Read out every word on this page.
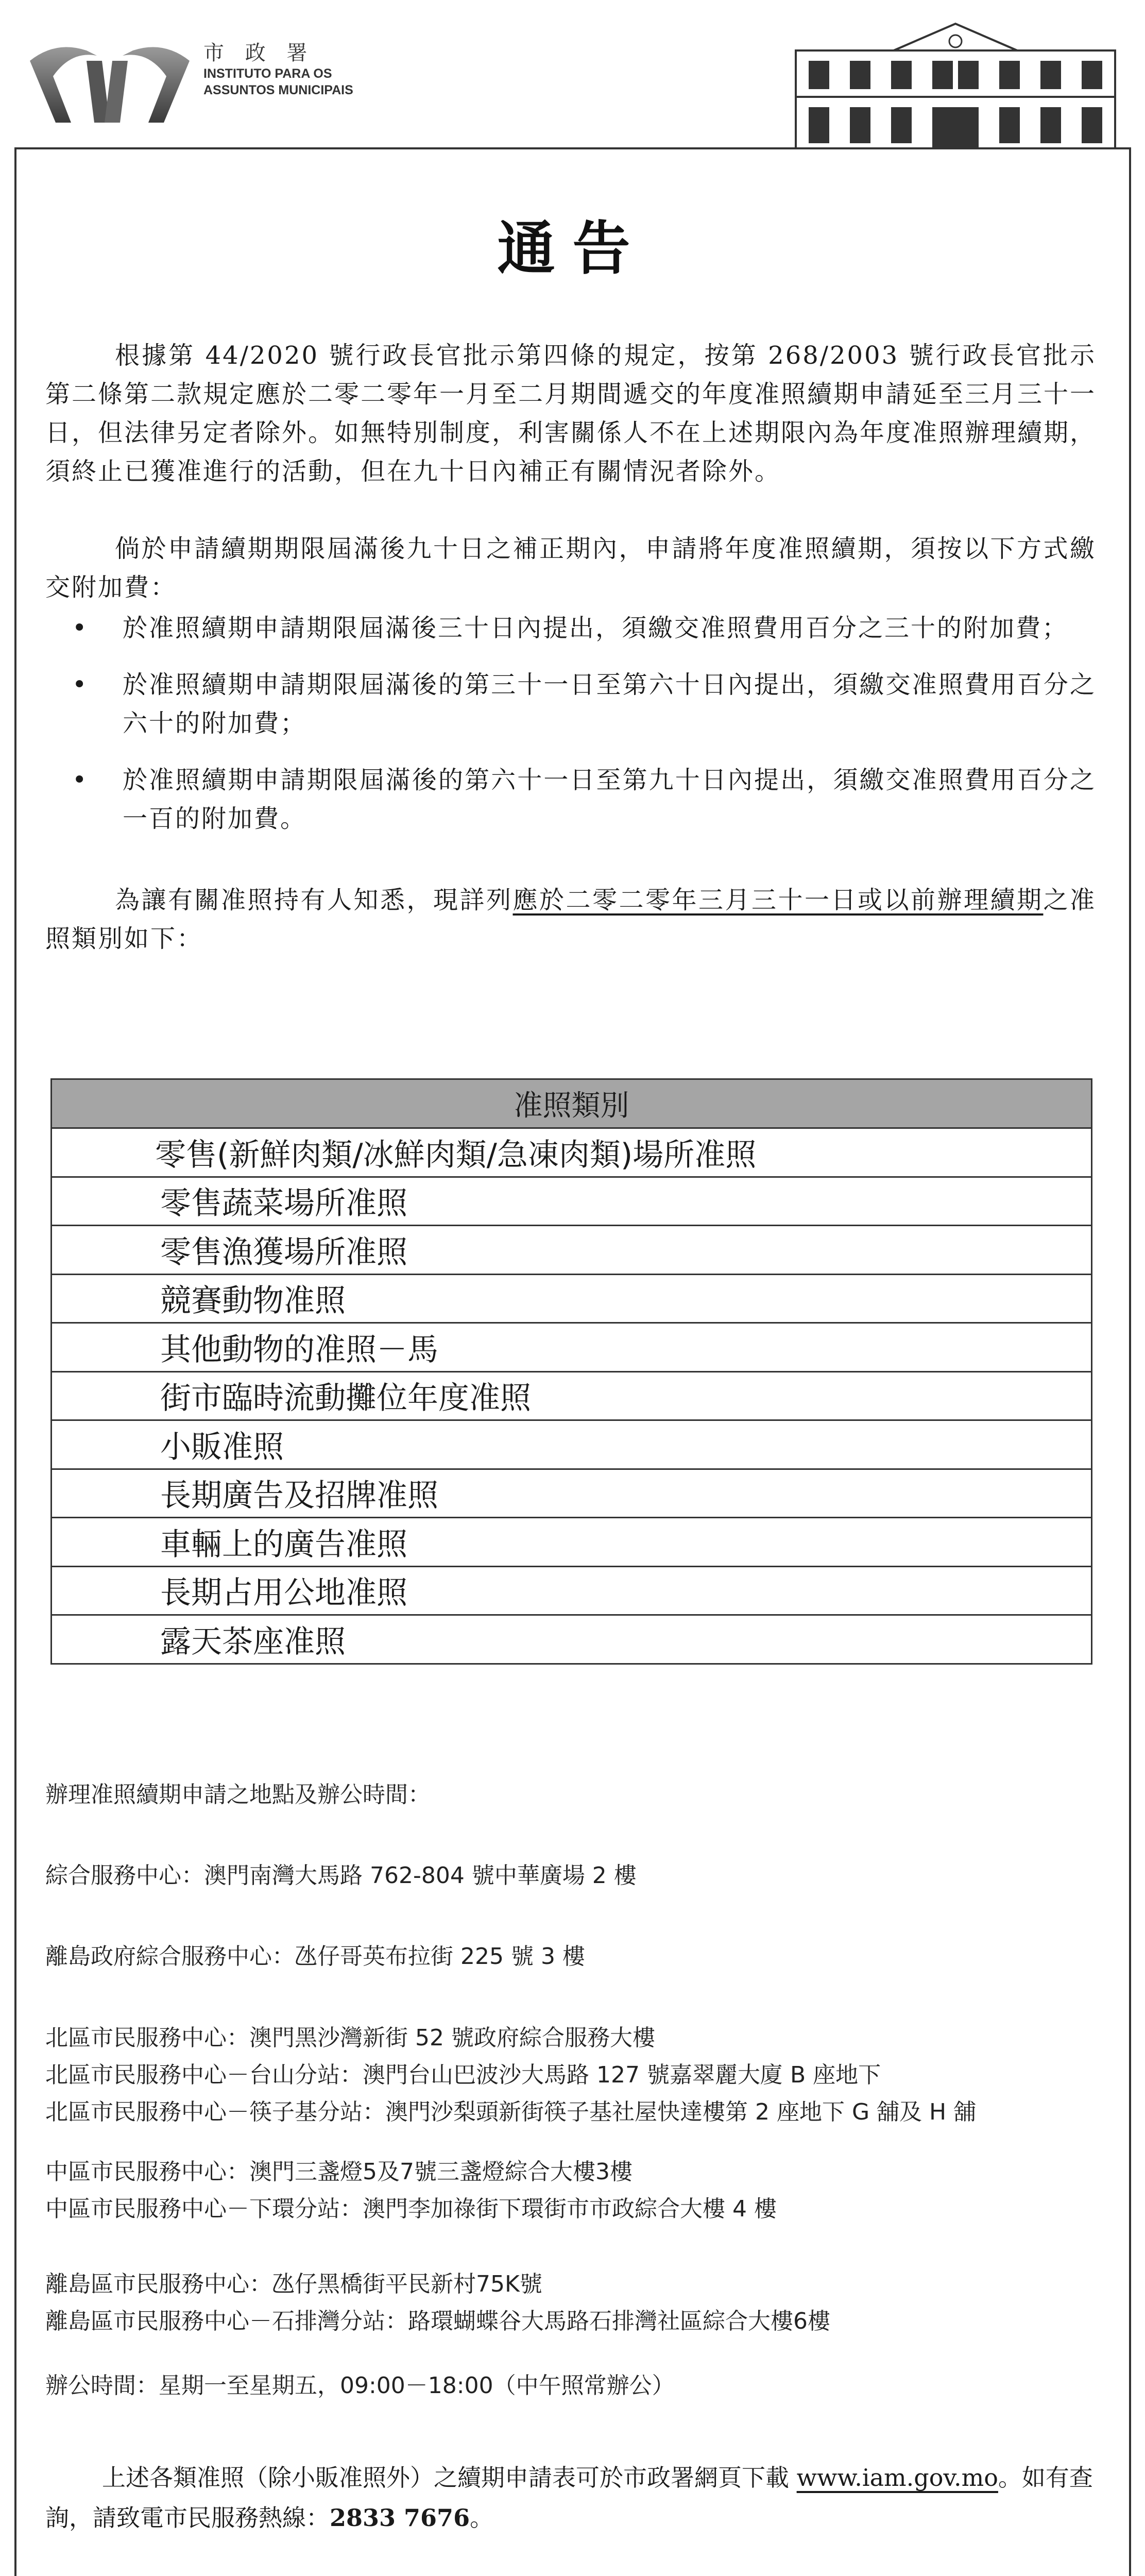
市 政 署
INSTITUTO PARA OS
ASSUNTOS MUNICIPAIS
通告
根據第 44/2020 號行政長官批示第四條的規定，按第 268/2003 號行政長官批示第二條第二款規定應於二零二零年一月至二月期間遞交的年度准照續期申請延至三月三十一日，但法律另定者除外。如無特別制度，利害關係人不在上述期限內為年度准照辦理續期，須終止已獲准進行的活動，但在九十日內補正有關情況者除外。
倘於申請續期期限屆滿後九十日之補正期內，申請將年度准照續期，須按以下方式繳交附加費：
• 於准照續期申請期限屆滿後三十日內提出，須繳交准照費用百分之三十的附加費；
• 於准照續期申請期限屆滿後的第三十一日至第六十日內提出，須繳交准照費用百分之六十的附加費；
• 於准照續期申請期限屆滿後的第六十一日至第九十日內提出，須繳交准照費用百分之一百的附加費。
為讓有關准照持有人知悉，現詳列應於二零二零年三月三十一日或以前辦理續期之准照類別如下：
准照類別
零售(新鮮肉類/冰鮮肉類/急凍肉類)場所准照
零售蔬菜場所准照
零售漁獲場所准照
競賽動物准照
其他動物的准照－馬
街市臨時流動攤位年度准照
小販准照
長期廣告及招牌准照
車輛上的廣告准照
長期占用公地准照
露天茶座准照
辦理准照續期申請之地點及辦公時間：
綜合服務中心：澳門南灣大馬路 762-804 號中華廣場 2 樓
離島政府綜合服務中心：氹仔哥英布拉街 225 號 3 樓
北區市民服務中心：澳門黑沙灣新街 52 號政府綜合服務大樓
北區市民服務中心－台山分站：澳門台山巴波沙大馬路 127 號嘉翠麗大廈 B 座地下
北區市民服務中心－筷子基分站：澳門沙梨頭新街筷子基社屋快達樓第 2 座地下 G 舖及 H 舖
中區市民服務中心：澳門三盞燈5及7號三盞燈綜合大樓3樓
中區市民服務中心－下環分站：澳門李加祿街下環街市市政綜合大樓 4 樓
離島區市民服務中心：氹仔黑橋街平民新村75K號
離島區市民服務中心－石排灣分站：路環蝴蝶谷大馬路石排灣社區綜合大樓6樓
辦公時間：星期一至星期五，09:00－18:00（中午照常辦公）
上述各類准照（除小販准照外）之續期申請表可於市政署網頁下載 www.iam.gov.mo。如有查詢，請致電市民服務熱線：2833 7676。
